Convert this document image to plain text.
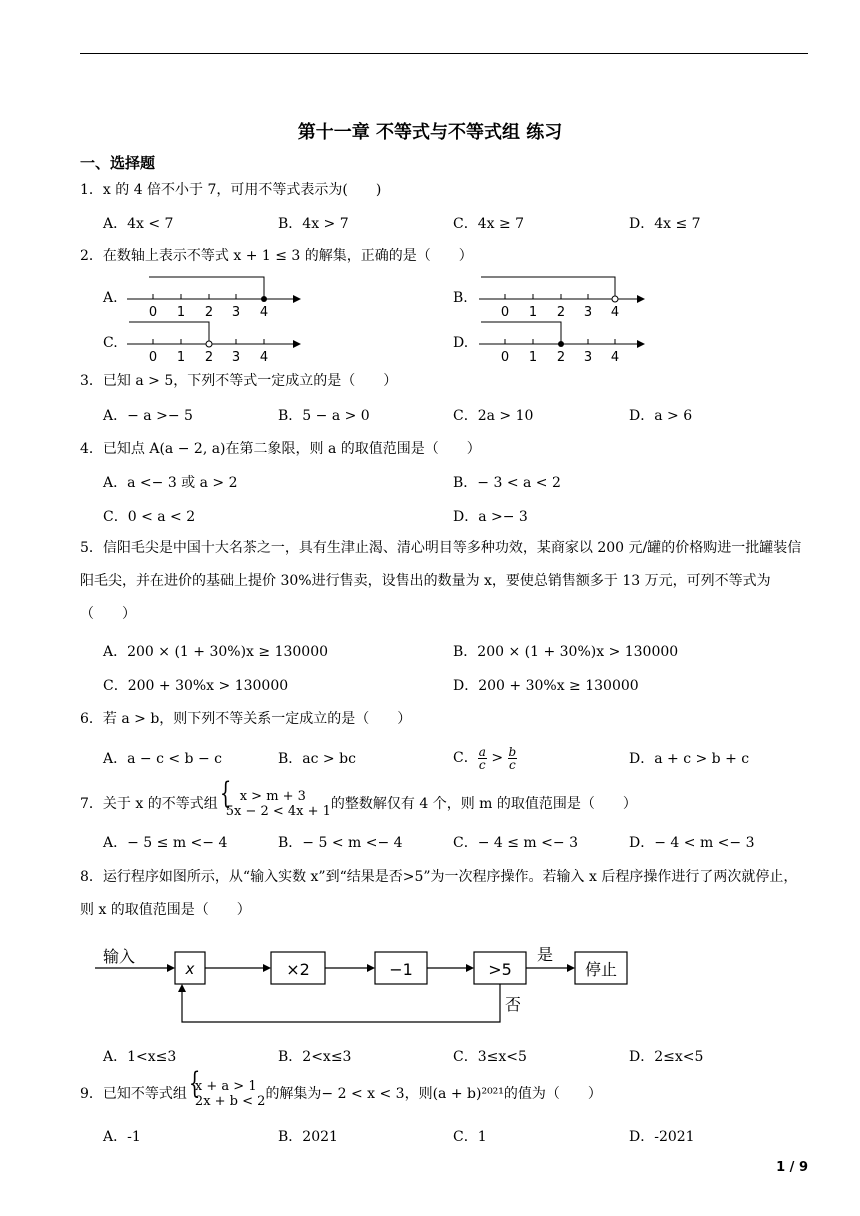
第十一章 不等式与不等式组 练习
一、选择题
1．x 的 4 倍不小于 7，可用不等式表示为(　　)
A．4x < 7	B．4x > 7	C．4x ≥ 7	D．4x ≤ 7
2．在数轴上表示不等式 x + 1 ≤ 3 的解集，正确的是（　　）
A.	B.
C.	D.
0 1 2 3 4	0 1 2 3 4
0 1 2 3 4	0 1 2 3 4
3．已知 a > 5，下列不等式一定成立的是（　　）
A．− a >− 5	B．5 − a > 0	C．2a > 10	D．a > 6
4．已知点 A(a − 2, a)在第二象限，则 a 的取值范围是（　　）
A．a <− 3 或 a > 2	B．− 3 < a < 2
C．0 < a < 2	D．a >− 3
5．信阳毛尖是中国十大名茶之一，具有生津止渴、清心明目等多种功效，某商家以 200 元/罐的价格购进一批罐装信阳毛尖，并在进价的基础上提价 30%进行售卖，设售出的数量为 x，要使总销售额多于 13 万元，可列不等式为（　　）
A．200 × (1 + 30%)x ≥ 130000	B．200 × (1 + 30%)x > 130000
C．200 + 30%x > 130000	D．200 + 30%x ≥ 130000
6．若 a > b，则下列不等关系一定成立的是（　　）
A．a − c < b − c	B．ac > bc	C． $\frac{a}{c} > \frac{b}{c}$	D．a + c > b + c
7．关于 x 的不等式组	{ x > m + 3
5x − 2 < 4x + 1 的整数解仅有 4 个，则 m 的取值范围是（　　）
A．− 5 ≤ m <− 4	B．− 5 < m <− 4	C．− 4 ≤ m <− 3	D．− 4 < m <− 3
8．运行程序如图所示，从“输入实数 x”到“结果是否>5”为一次程序操作。若输入 x 后程序操作进行了两次就停止，则 x 的取值范围是（　　）
输入
x	×2	−1	>5
是
停止
否
A．1<x≤3	B．2<x≤3	C．3≤x<5	D．2≤x<5
9．已知不等式组 { x + a > 1
2x + b < 2 的解集为− 2 < x < 3，则(a + b)²⁰²¹的值为（　　）
A．-1	B．2021	C．1	D．-2021
1 / 9
